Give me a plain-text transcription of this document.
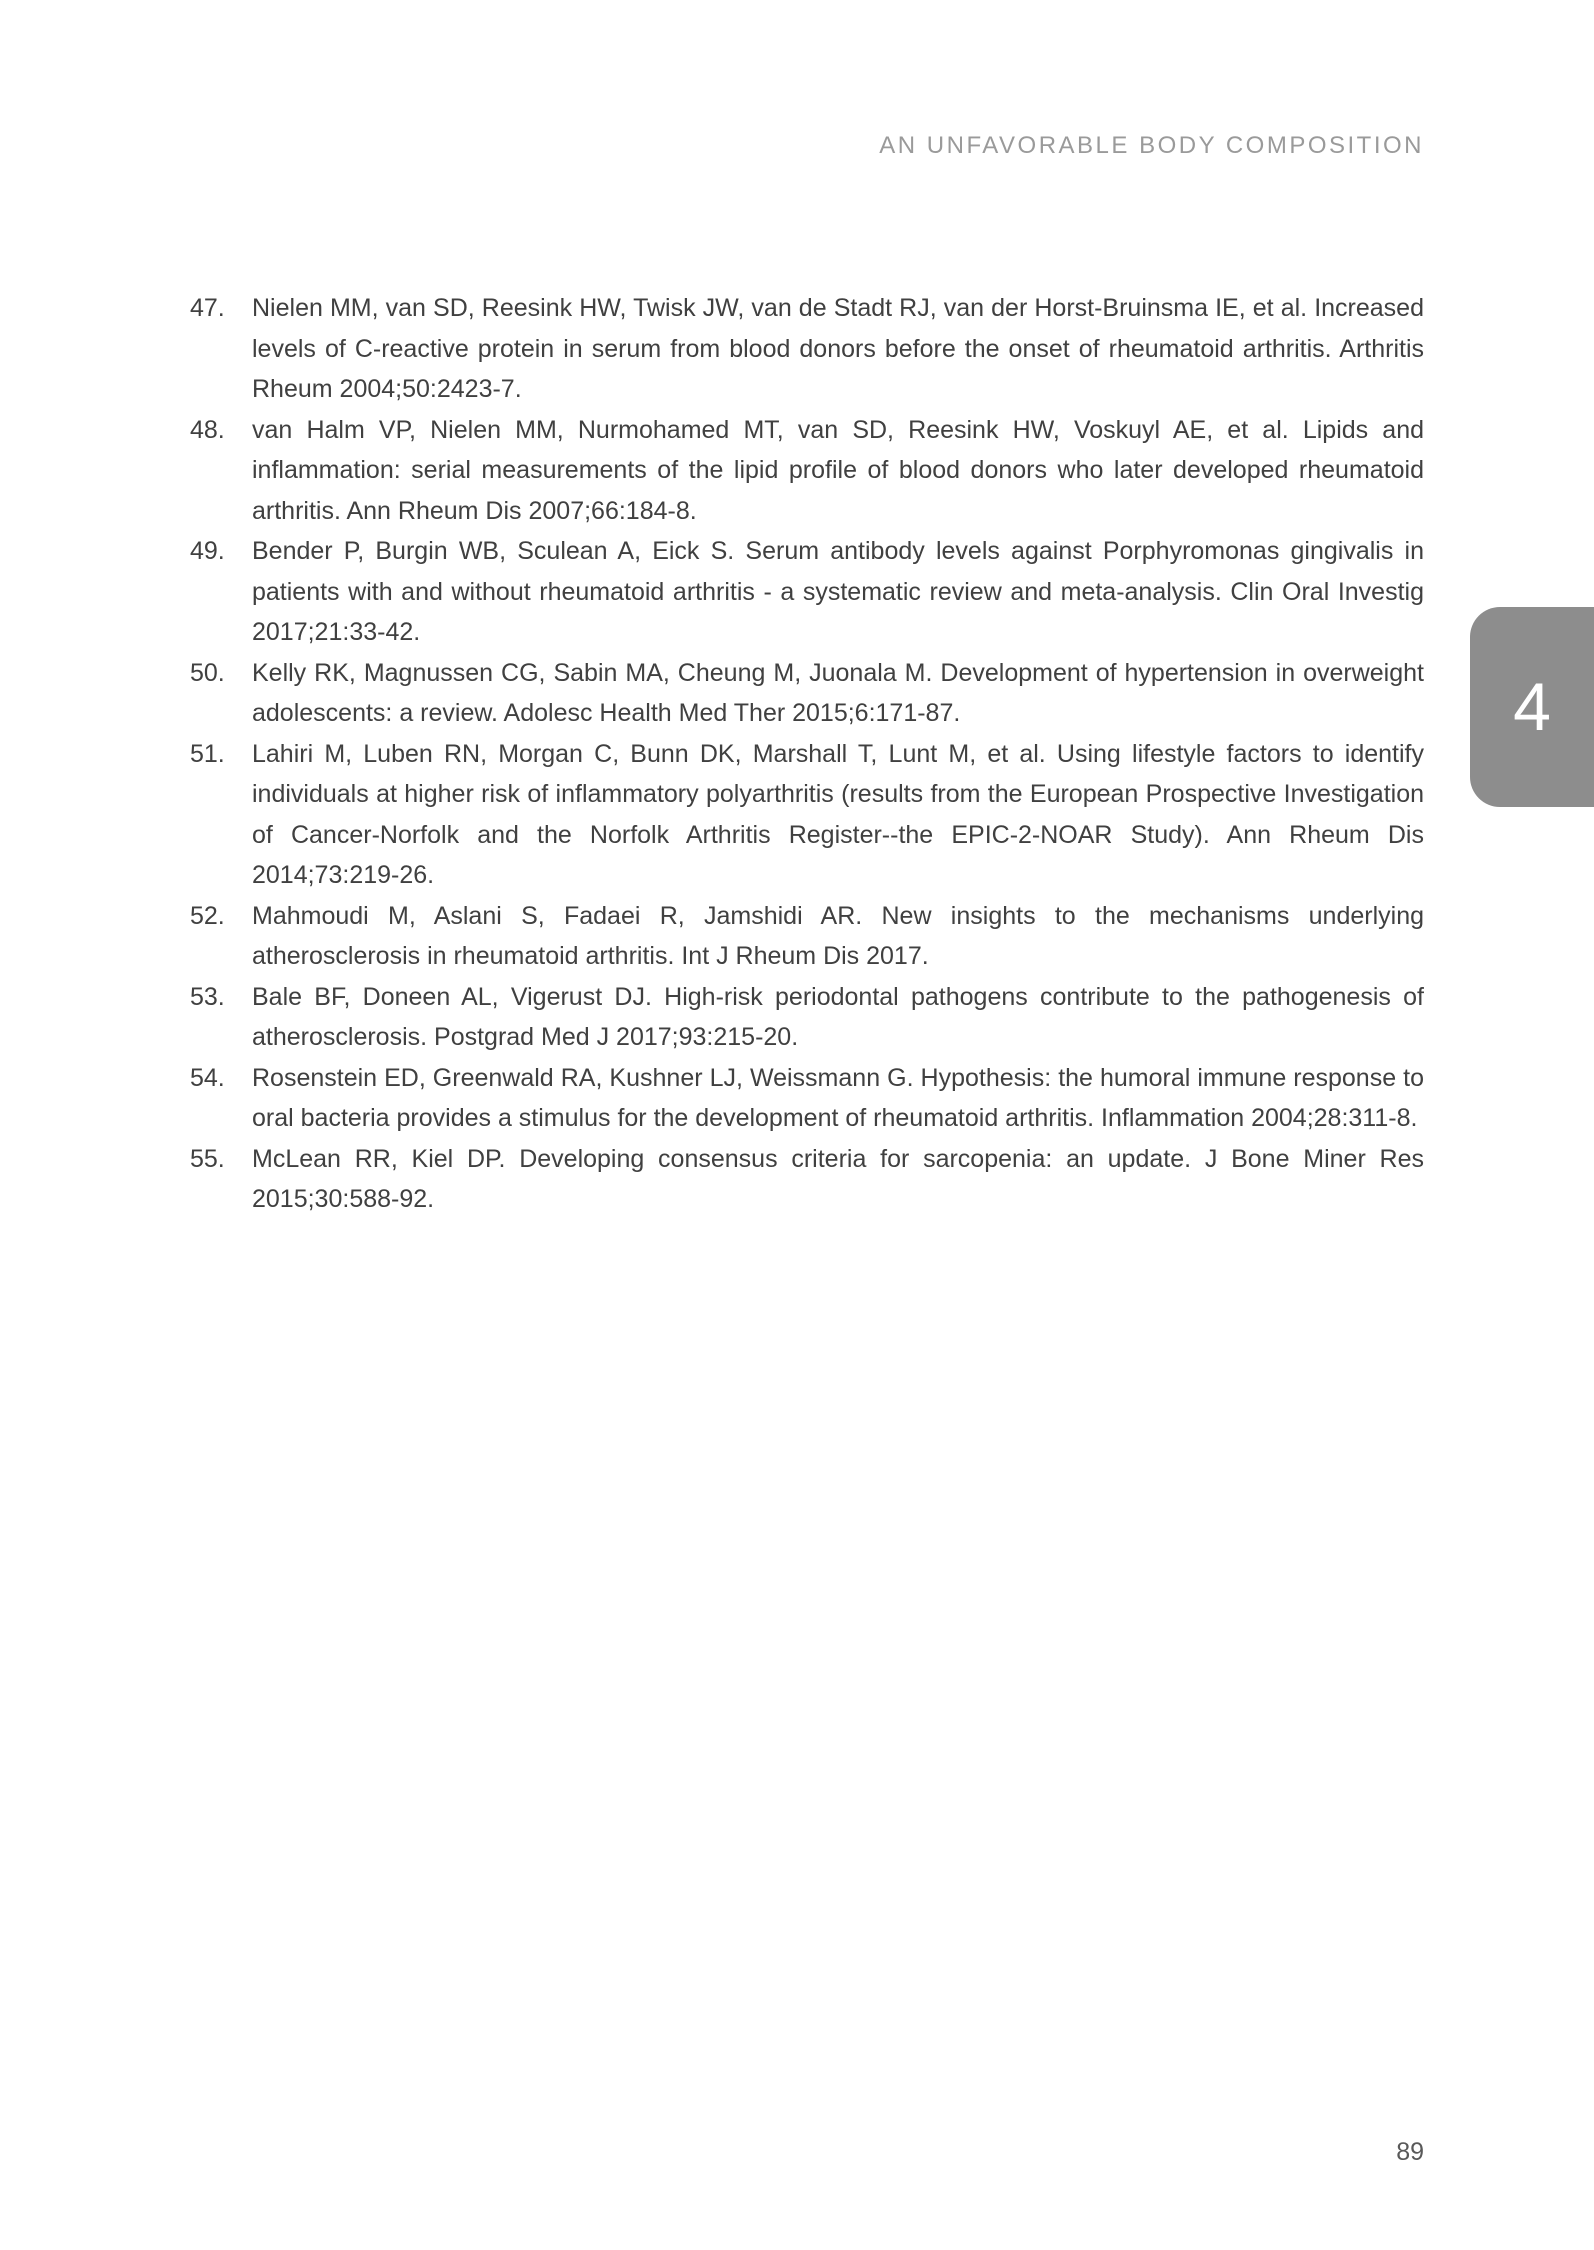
AN UNFAVORABLE BODY COMPOSITION
47.	Nielen MM, van SD, Reesink HW, Twisk JW, van de Stadt RJ, van der Horst-Bruinsma IE, et al. Increased levels of C-reactive protein in serum from blood donors before the onset of rheumatoid arthritis. Arthritis Rheum 2004;50:2423-7.
48.	van Halm VP, Nielen MM, Nurmohamed MT, van SD, Reesink HW, Voskuyl AE, et al. Lipids and inflammation: serial measurements of the lipid profile of blood donors who later developed rheumatoid arthritis. Ann Rheum Dis 2007;66:184-8.
49.	Bender P, Burgin WB, Sculean A, Eick S. Serum antibody levels against Porphyromonas gingivalis in patients with and without rheumatoid arthritis - a systematic review and meta-analysis. Clin Oral Investig 2017;21:33-42.
50.	Kelly RK, Magnussen CG, Sabin MA, Cheung M, Juonala M. Development of hypertension in overweight adolescents: a review. Adolesc Health Med Ther 2015;6:171-87.
51.	Lahiri M, Luben RN, Morgan C, Bunn DK, Marshall T, Lunt M, et al. Using lifestyle factors to identify individuals at higher risk of inflammatory polyarthritis (results from the European Prospective Investigation of Cancer-Norfolk and the Norfolk Arthritis Register--the EPIC-2-NOAR Study). Ann Rheum Dis 2014;73:219-26.
52.	Mahmoudi M, Aslani S, Fadaei R, Jamshidi AR. New insights to the mechanisms underlying atherosclerosis in rheumatoid arthritis. Int J Rheum Dis 2017.
53.	Bale BF, Doneen AL, Vigerust DJ. High-risk periodontal pathogens contribute to the pathogenesis of atherosclerosis. Postgrad Med J 2017;93:215-20.
54.	Rosenstein ED, Greenwald RA, Kushner LJ, Weissmann G. Hypothesis: the humoral immune response to oral bacteria provides a stimulus for the development of rheumatoid arthritis. Inflammation 2004;28:311-8.
55.	McLean RR, Kiel DP. Developing consensus criteria for sarcopenia: an update. J Bone Miner Res 2015;30:588-92.
4
89
